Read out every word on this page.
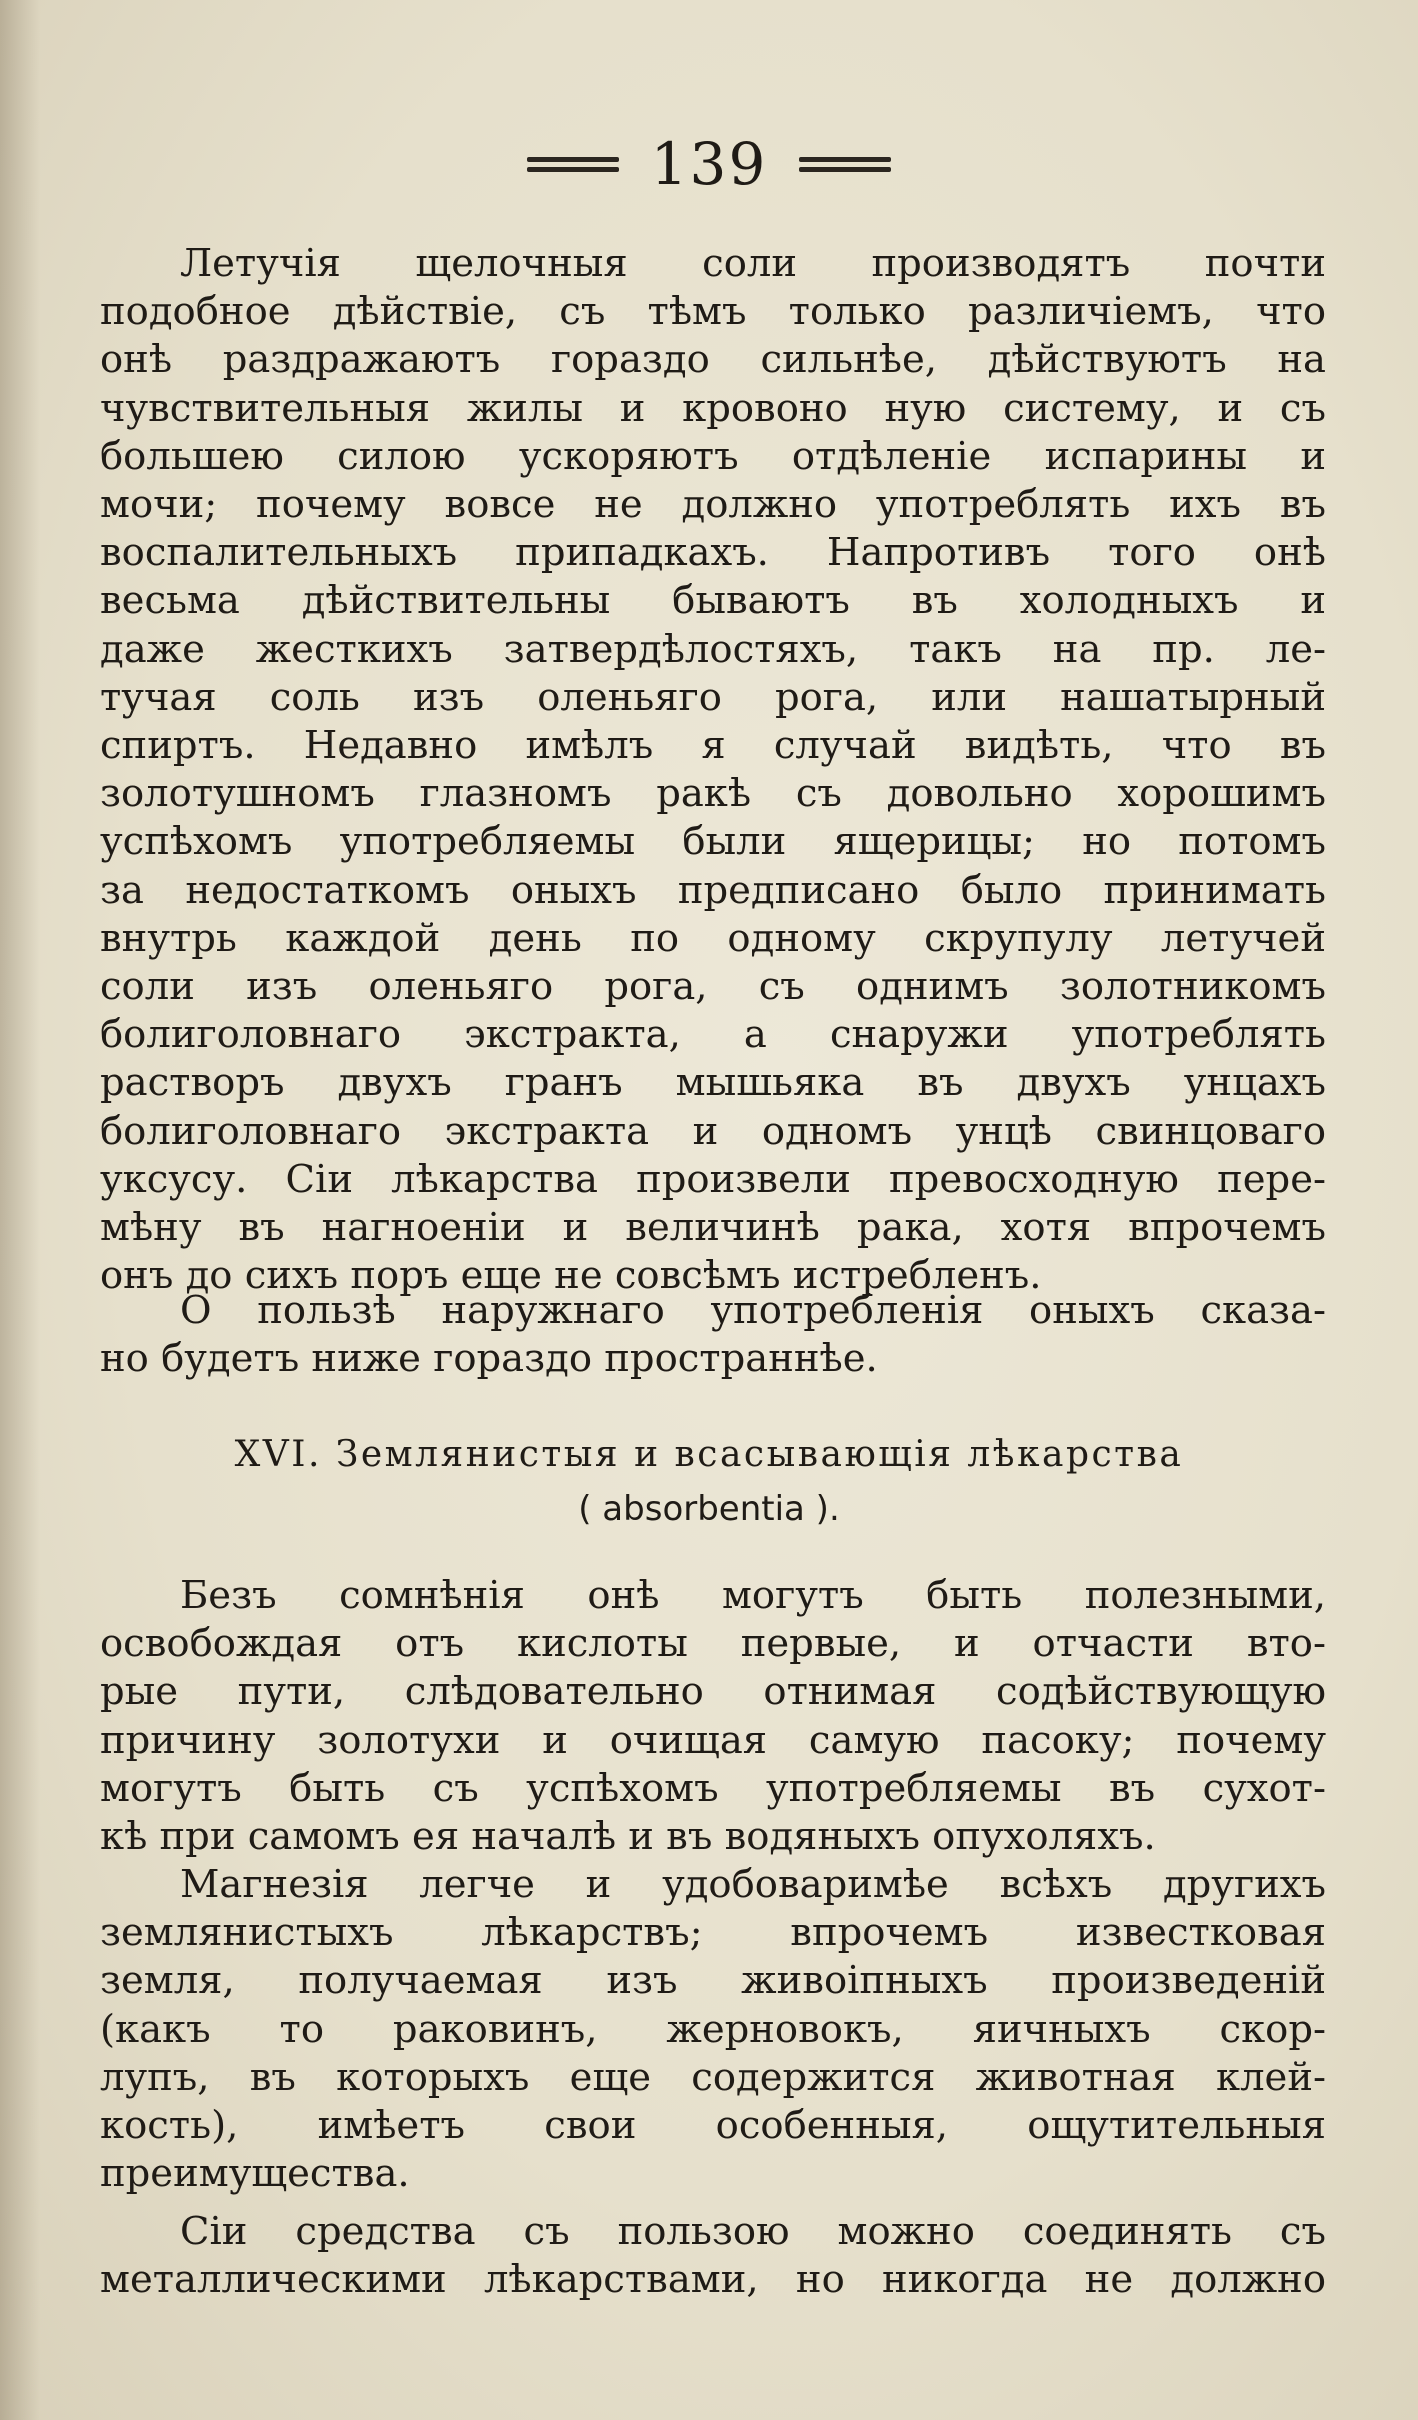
139
Летучія щелочныя соли производятъ почти
подобное дѣйствіе, съ тѣмъ только различіемъ, что
онѣ раздражаютъ гораздо сильнѣе, дѣйствуютъ на
чувствительныя жилы и кровоно ную систему, и съ
большею силою ускоряютъ отдѣленіе испарины и
мочи; почему вовсе не должно употреблять ихъ въ
воспалительныхъ припадкахъ. Напротивъ того онѣ
весьма дѣйствительны бываютъ въ холодныхъ и
даже жесткихъ затвердѣлостяхъ, такъ на пр. ле-
тучая соль изъ оленьяго рога, или нашатырный
спиртъ. Недавно имѣлъ я случай видѣть, что въ
золотушномъ глазномъ ракѣ съ довольно хорошимъ
успѣхомъ употребляемы были ящерицы; но потомъ
за недостаткомъ оныхъ предписано было принимать
внутрь каждой день по одному скрупулу летучей
соли изъ оленьяго рога, съ однимъ золотникомъ
болиголовнаго экстракта, а снаружи употреблять
растворъ двухъ гранъ мышьяка въ двухъ унцахъ
болиголовнаго экстракта и одномъ унцѣ свинцоваго
уксусу. Сіи лѣкарства произвели превосходную пере-
мѣну въ нагноеніи и величинѣ рака, хотя впрочемъ
онъ до сихъ поръ еще не совсѣмъ истребленъ.
О пользѣ наружнаго употребленія оныхъ сказа-
но будетъ ниже гораздо пространнѣе.
XVI. Землянистыя и всасывающія лѣкарства
( absorbentia ).
Безъ сомнѣнія онѣ могутъ быть полезными,
освобождая отъ кислоты первые, и отчасти вто-
рые пути, слѣдовательно отнимая содѣйствующую
причину золотухи и очищая самую пасоку; почему
могутъ быть съ успѣхомъ употребляемы въ сухот-
кѣ при самомъ ея началѣ и въ водяныхъ опухоляхъ.
Магнезія легче и удобоваримѣе всѣхъ другихъ
землянистыхъ лѣкарствъ; впрочемъ известковая
земля, получаемая изъ живоіпныхъ произведеній
(какъ то раковинъ, жерновокъ, яичныхъ скор-
лупъ, въ которыхъ еще содержится животная клей-
кость), имѣетъ свои особенныя, ощутительныя
преимущества.
Сіи средства съ пользою можно соединять съ
металлическими лѣкарствами, но никогда не должно
